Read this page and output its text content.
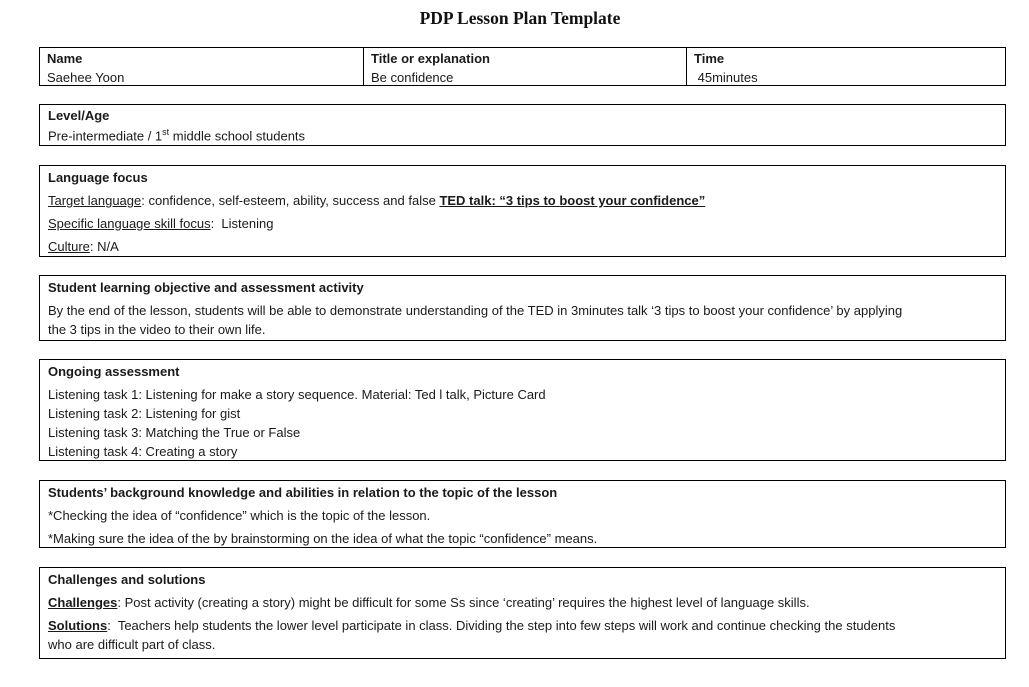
PDP Lesson Plan Template
Name
Saehee Yoon
Title or explanation
Be confidence
Time
45minutes
Level/Age
Pre-intermediate / 1st middle school students
Language focus
Target language: confidence, self-esteem, ability, success and false TED talk: “3 tips to boost your confidence”
Specific language skill focus:  Listening
Culture: N/A
Student learning objective and assessment activity
By the end of the lesson, students will be able to demonstrate understanding of the TED in 3minutes talk ‘3 tips to boost your confidence’ by applying
the 3 tips in the video to their own life.
Ongoing assessment
Listening task 1: Listening for make a story sequence. Material: Ted l talk, Picture Card
Listening task 2: Listening for gist
Listening task 3: Matching the True or False
Listening task 4: Creating a story
Students’ background knowledge and abilities in relation to the topic of the lesson
*Checking the idea of “confidence” which is the topic of the lesson.
*Making sure the idea of the by brainstorming on the idea of what the topic “confidence” means.
Challenges and solutions
Challenges: Post activity (creating a story) might be difficult for some Ss since ‘creating’ requires the highest level of language skills.
Solutions:  Teachers help students the lower level participate in class. Dividing the step into few steps will work and continue checking the students
who are difficult part of class.
